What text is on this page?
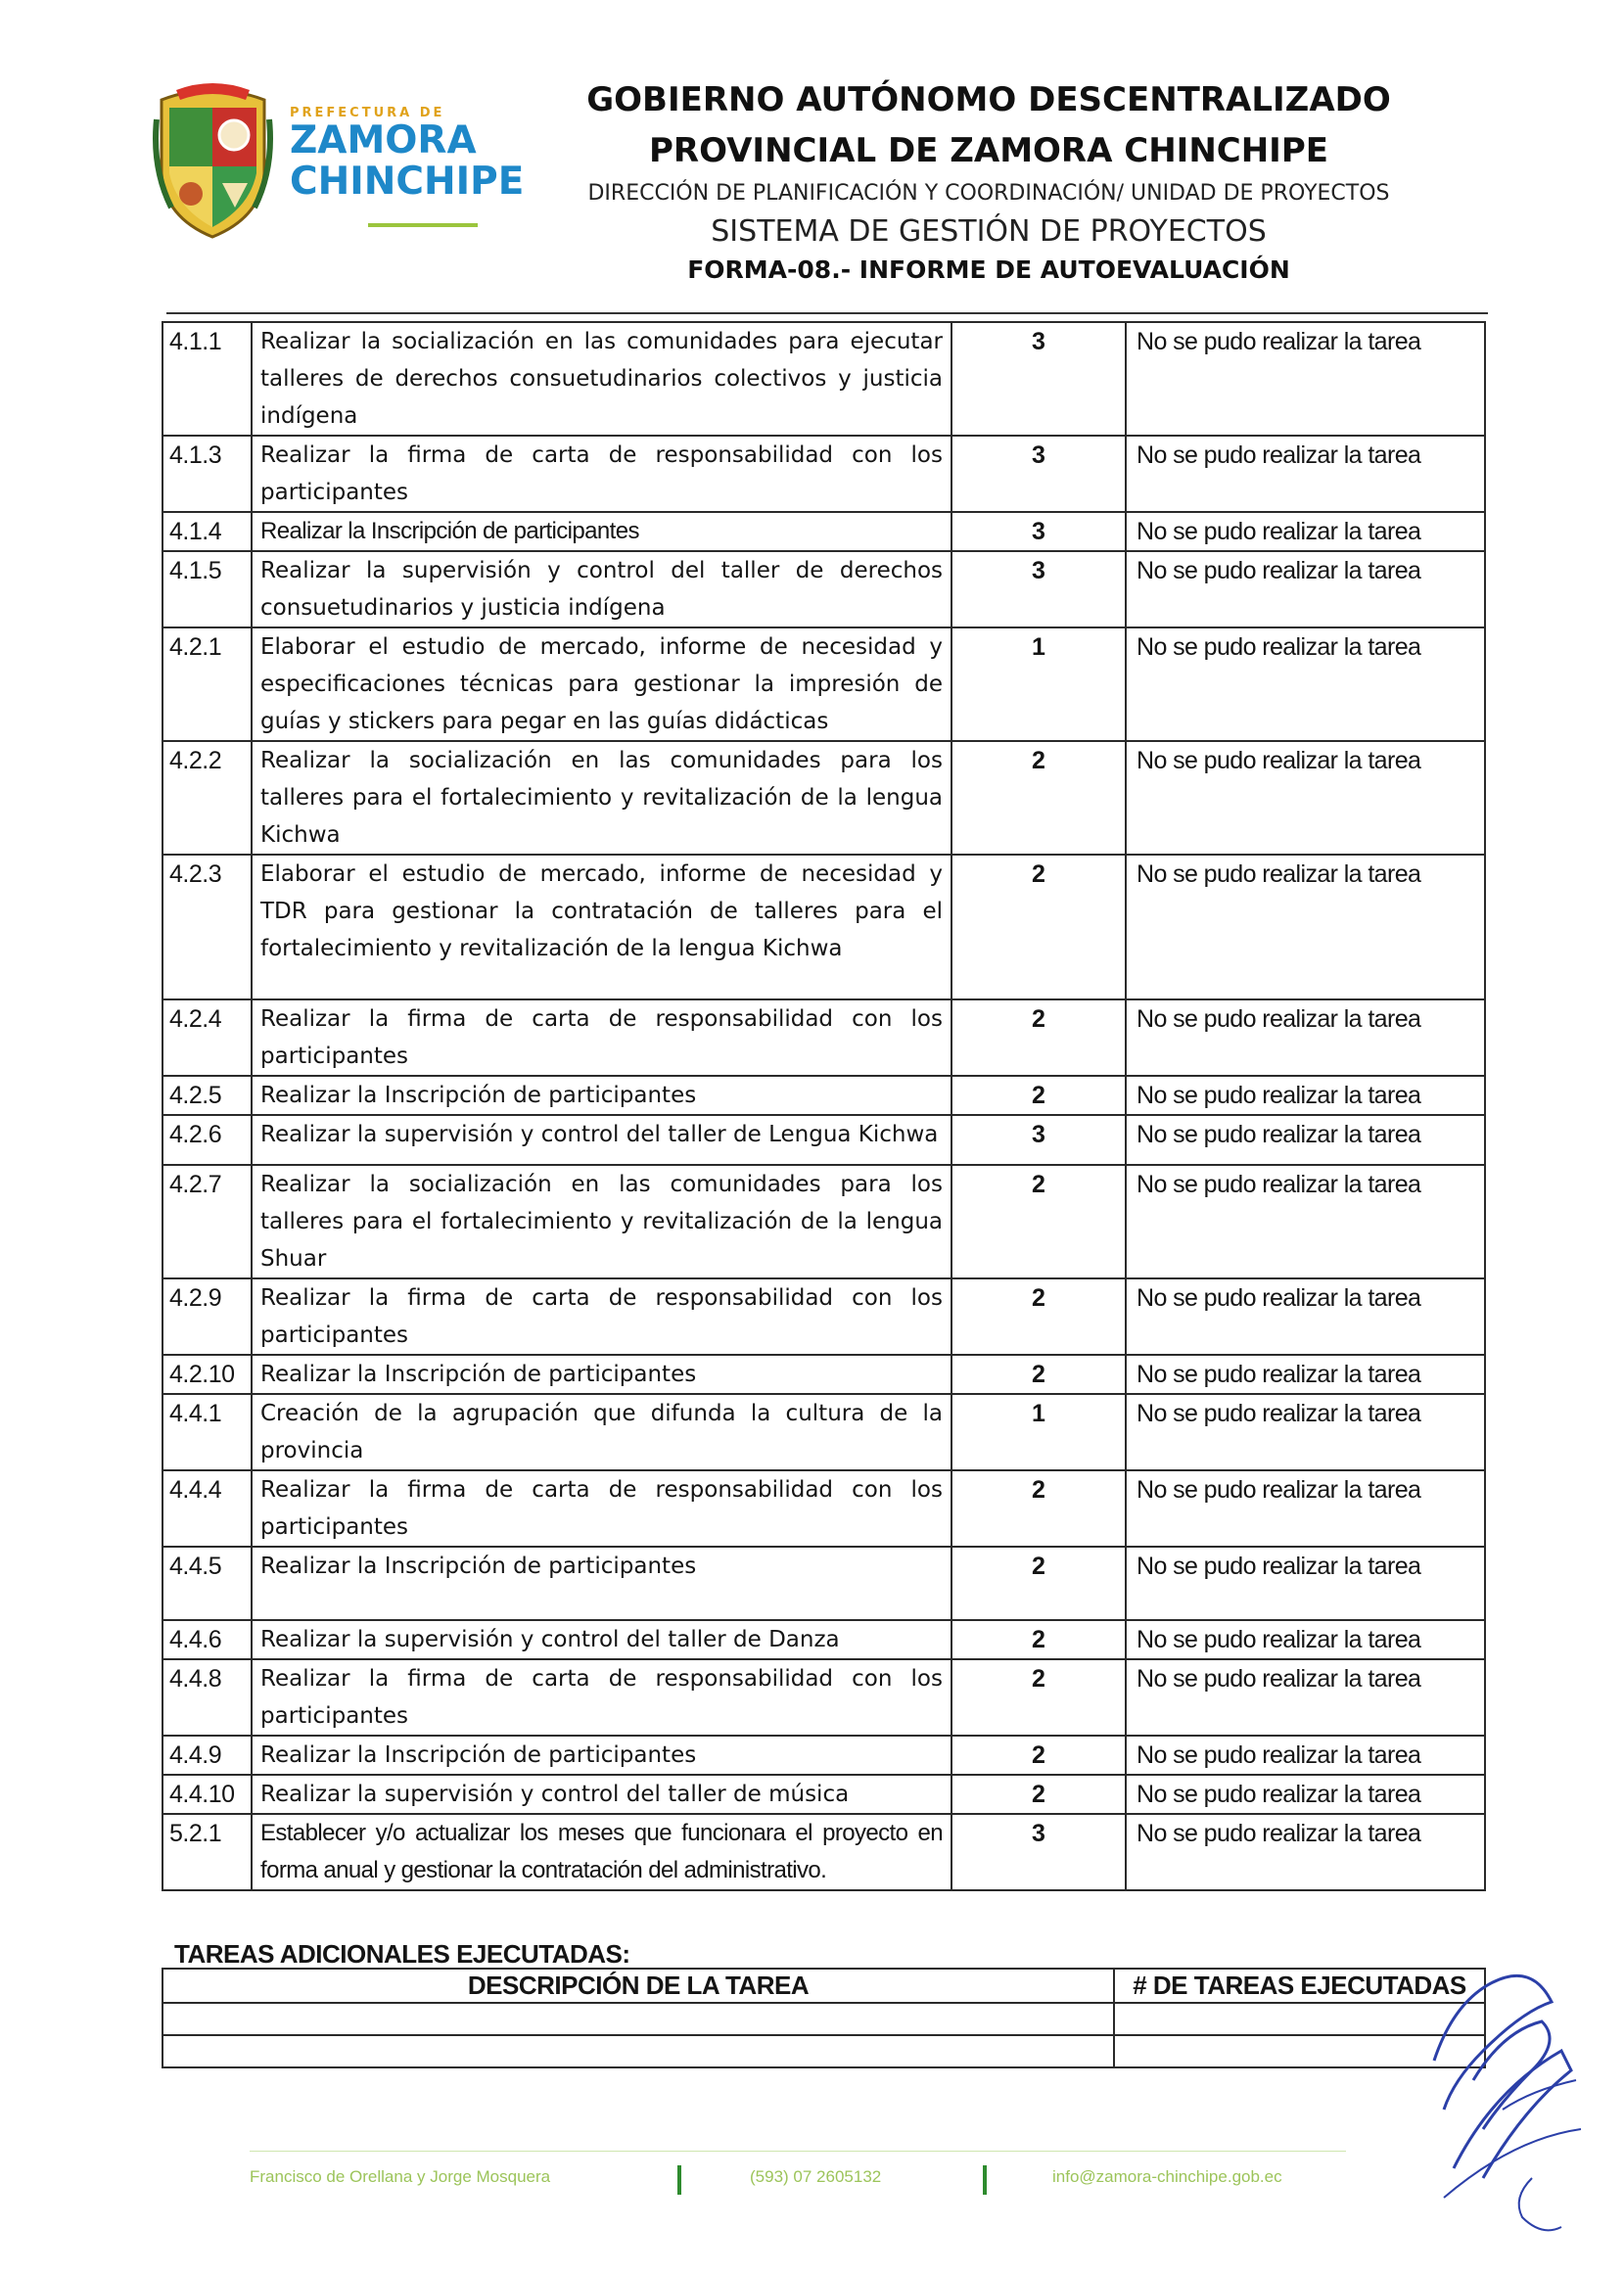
PREFECTURA DE
ZAMORA
CHINCHIPE
GOBIERNO AUTÓNOMO DESCENTRALIZADO
PROVINCIAL DE ZAMORA CHINCHIPE
DIRECCIÓN DE PLANIFICACIÓN Y COORDINACIÓN/ UNIDAD DE PROYECTOS
SISTEMA DE GESTIÓN DE PROYECTOS
FORMA-08.- INFORME DE AUTOEVALUACIÓN
4.1.1	Realizar la socialización en las comunidades para ejecutar talleres de derechos consuetudinarios colectivos y justicia indígena	3	No se pudo realizar la tarea
4.1.3	Realizar la firma de carta de responsabilidad con los participantes	3	No se pudo realizar la tarea
4.1.4	Realizar la Inscripción de participantes	3	No se pudo realizar la tarea
4.1.5	Realizar la supervisión y control del taller de derechos consuetudinarios y justicia indígena	3	No se pudo realizar la tarea
4.2.1	Elaborar el estudio de mercado, informe de necesidad y especificaciones técnicas para gestionar la impresión de guías y stickers para pegar en las guías didácticas	1	No se pudo realizar la tarea
4.2.2	Realizar la socialización en las comunidades para los talleres para el fortalecimiento y revitalización de la lengua Kichwa	2	No se pudo realizar la tarea
4.2.3	Elaborar el estudio de mercado, informe de necesidad y TDR para gestionar la contratación de talleres para el fortalecimiento y revitalización de la lengua Kichwa	2	No se pudo realizar la tarea
4.2.4	Realizar la firma de carta de responsabilidad con los participantes	2	No se pudo realizar la tarea
4.2.5	Realizar la Inscripción de participantes	2	No se pudo realizar la tarea
4.2.6	Realizar la supervisión y control del taller de Lengua Kichwa	3	No se pudo realizar la tarea
4.2.7	Realizar la socialización en las comunidades para los talleres para el fortalecimiento y revitalización de la lengua Shuar	2	No se pudo realizar la tarea
4.2.9	Realizar la firma de carta de responsabilidad con los participantes	2	No se pudo realizar la tarea
4.2.10	Realizar la Inscripción de participantes	2	No se pudo realizar la tarea
4.4.1	Creación de la agrupación que difunda la cultura de la provincia	1	No se pudo realizar la tarea
4.4.4	Realizar la firma de carta de responsabilidad con los participantes	2	No se pudo realizar la tarea
4.4.5	Realizar la Inscripción de participantes	2	No se pudo realizar la tarea
4.4.6	Realizar la supervisión y control del taller de Danza	2	No se pudo realizar la tarea
4.4.8	Realizar la firma de carta de responsabilidad con los participantes	2	No se pudo realizar la tarea
4.4.9	Realizar la Inscripción de participantes	2	No se pudo realizar la tarea
4.4.10	Realizar la supervisión y control del taller de música	2	No se pudo realizar la tarea
5.2.1	Establecer y/o actualizar los meses que funcionara el proyecto en forma anual y gestionar la contratación del administrativo.	3	No se pudo realizar la tarea
TAREAS ADICIONALES EJECUTADAS:
DESCRIPCIÓN DE LA TAREA	# DE TAREAS EJECUTADAS

Francisco de Orellana y Jorge Mosquera	(593) 07 2605132	info@zamora-chinchipe.gob.ec
